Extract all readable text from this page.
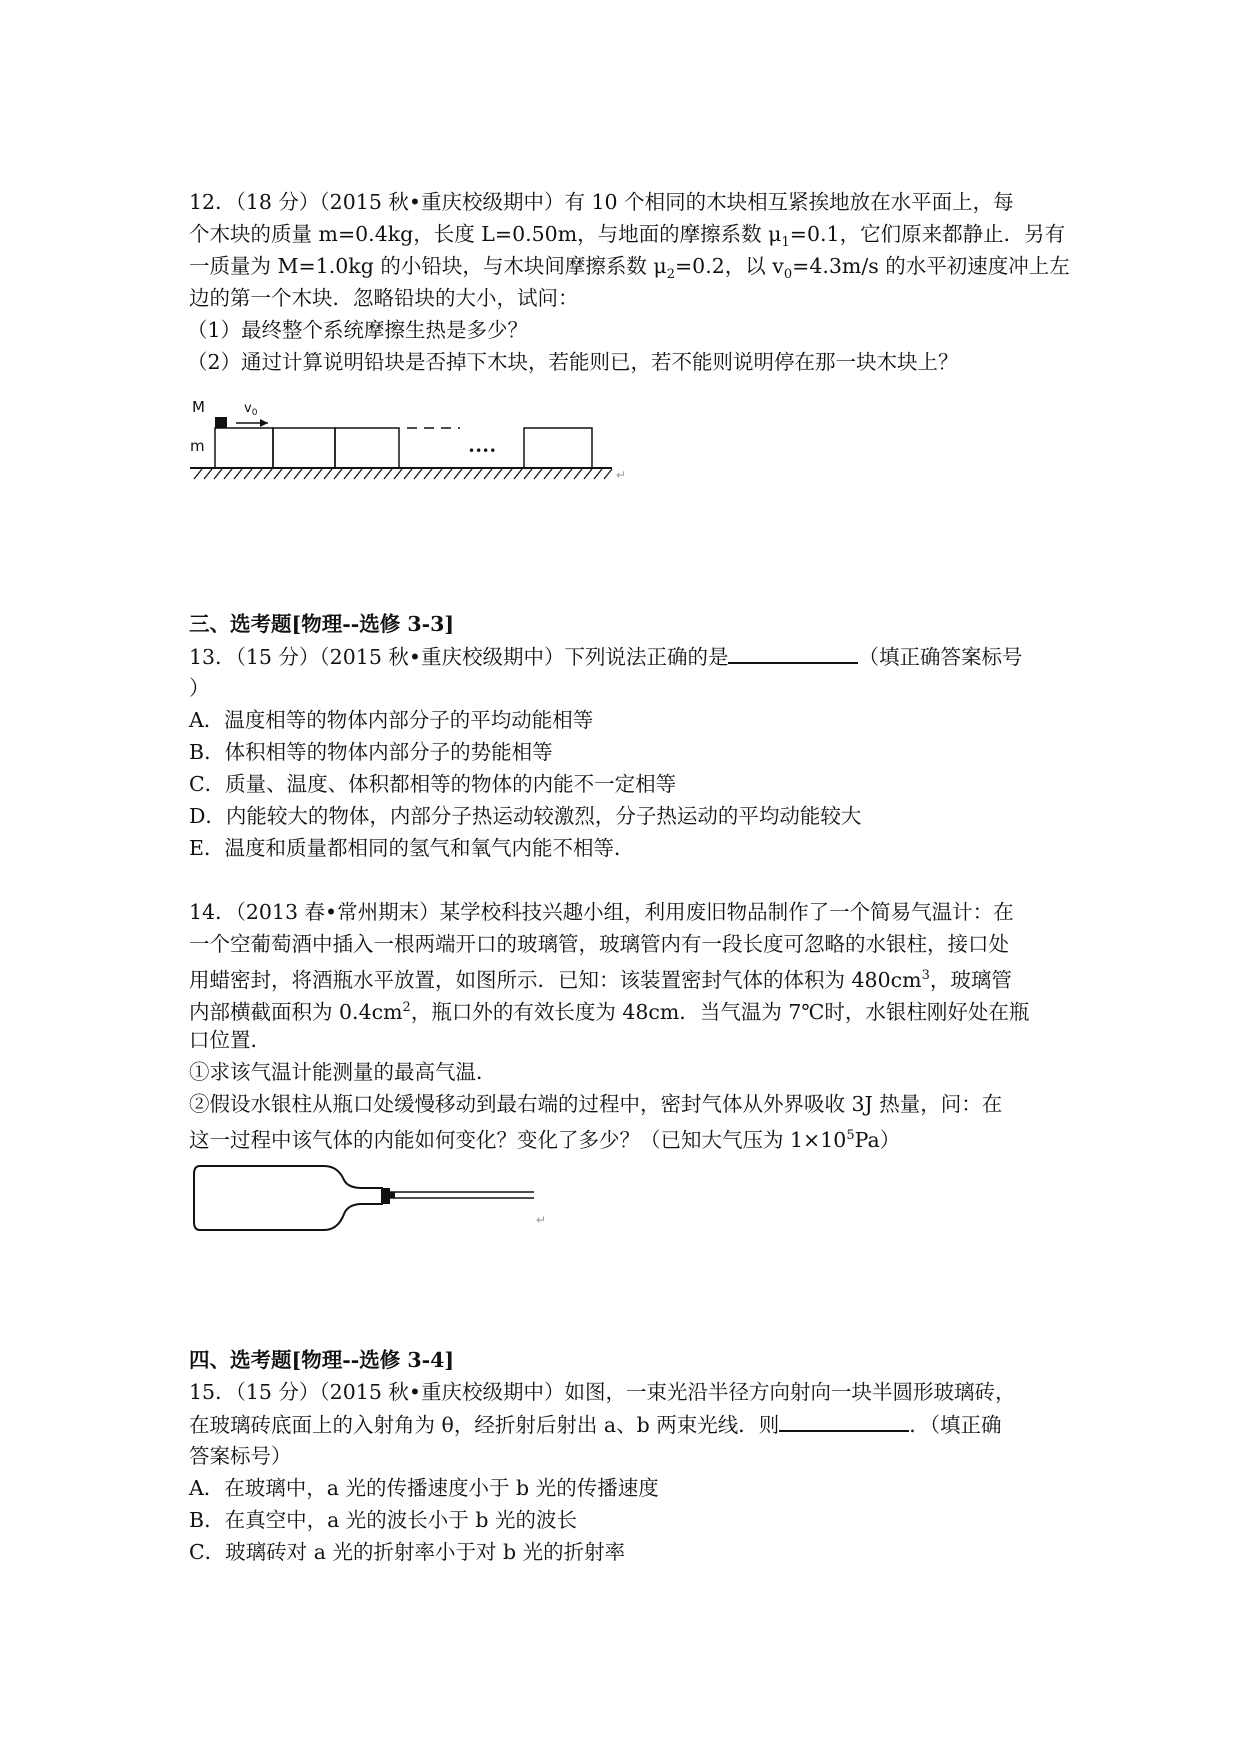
12．（18 分）（2015 秋•重庆校级期中）有 10 个相同的木块相互紧挨地放在水平面上，每
个木块的质量 m=0.4kg，长度 L=0.50m，与地面的摩擦系数 $\mu_1=0.1$，它们原来都静止．另有
一质量为 M=1.0kg 的小铅块，与木块间摩擦系数 $\mu_2=0.2$，以 $v_0=4.3m/s$ 的水平初速度冲上左
边的第一个木块．忽略铅块的大小，试问：
（1）最终整个系统摩擦生热是多少？
（2）通过计算说明铅块是否掉下木块，若能则已，若不能则说明停在那一块木块上？
M	$v_0$
m	••••
↵
三、选考题[物理--选修 3-3]
13．（15 分）（2015 秋•重庆校级期中）下列说法正确的是	（填正确答案标号
）
A．温度相等的物体内部分子的平均动能相等
B．体积相等的物体内部分子的势能相等
C．质量、温度、体积都相等的物体的内能不一定相等
D．内能较大的物体，内部分子热运动较激烈，分子热运动的平均动能较大
E．温度和质量都相同的氢气和氧气内能不相等．
14．（2013 春•常州期末）某学校科技兴趣小组，利用废旧物品制作了一个简易气温计：在
一个空葡萄酒中插入一根两端开口的玻璃管，玻璃管内有一段长度可忽略的水银柱，接口处
用蜡密封，将酒瓶水平放置，如图所示．已知：该装置密封气体的体积为 $480cm^3$，玻璃管
内部横截面积为 $0.4cm^2$，瓶口外的有效长度为 48cm．当气温为 7℃时，水银柱刚好处在瓶
口位置．
①求该气温计能测量的最高气温．
②假设水银柱从瓶口处缓慢移动到最右端的过程中，密封气体从外界吸收 3J 热量，问：在
这一过程中该气体的内能如何变化？变化了多少？（已知大气压为 $1\times 10^5Pa$）
↵
四、选考题[物理--选修 3-4]
15．（15 分）（2015 秋•重庆校级期中）如图，一束光沿半径方向射向一块半圆形玻璃砖，
在玻璃砖底面上的入射角为 θ，经折射后射出 a、b 两束光线．则	．（填正确
答案标号）
A．在玻璃中，a 光的传播速度小于 b 光的传播速度
B．在真空中，a 光的波长小于 b 光的波长
C．玻璃砖对 a 光的折射率小于对 b 光的折射率
